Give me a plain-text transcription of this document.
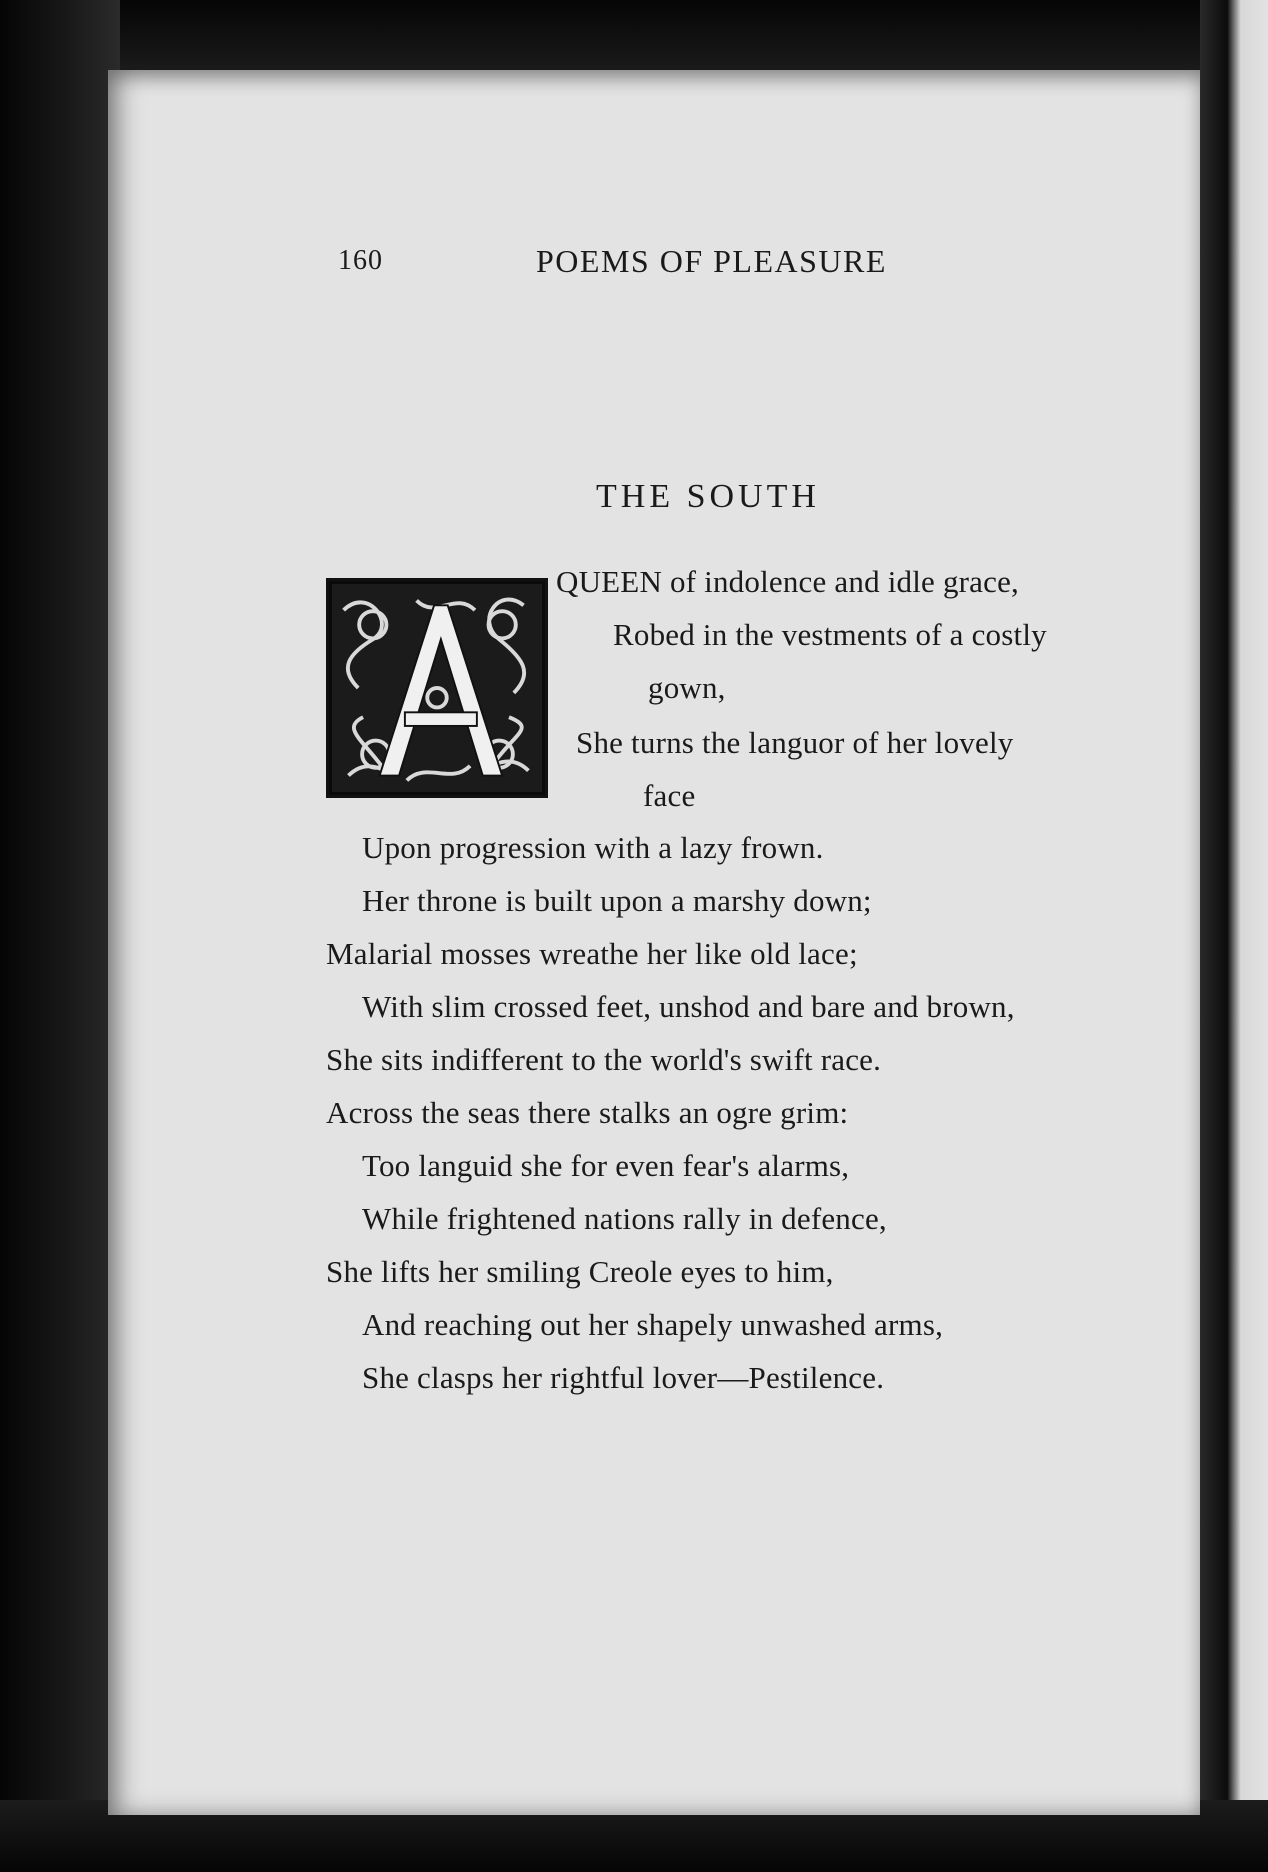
160	POEMS OF PLEASURE
THE SOUTH
QUEEN of indolence and idle grace,
Robed in the vestments of a costly
gown,
She turns the languor of her lovely
face
Upon progression with a lazy frown.
Her throne is built upon a marshy down;
Malarial mosses wreathe her like old lace;
With slim crossed feet, unshod and bare and brown,
She sits indifferent to the world's swift race.
Across the seas there stalks an ogre grim:
Too languid she for even fear's alarms,
While frightened nations rally in defence,
She lifts her smiling Creole eyes to him,
And reaching out her shapely unwashed arms,
She clasps her rightful lover—Pestilence.
